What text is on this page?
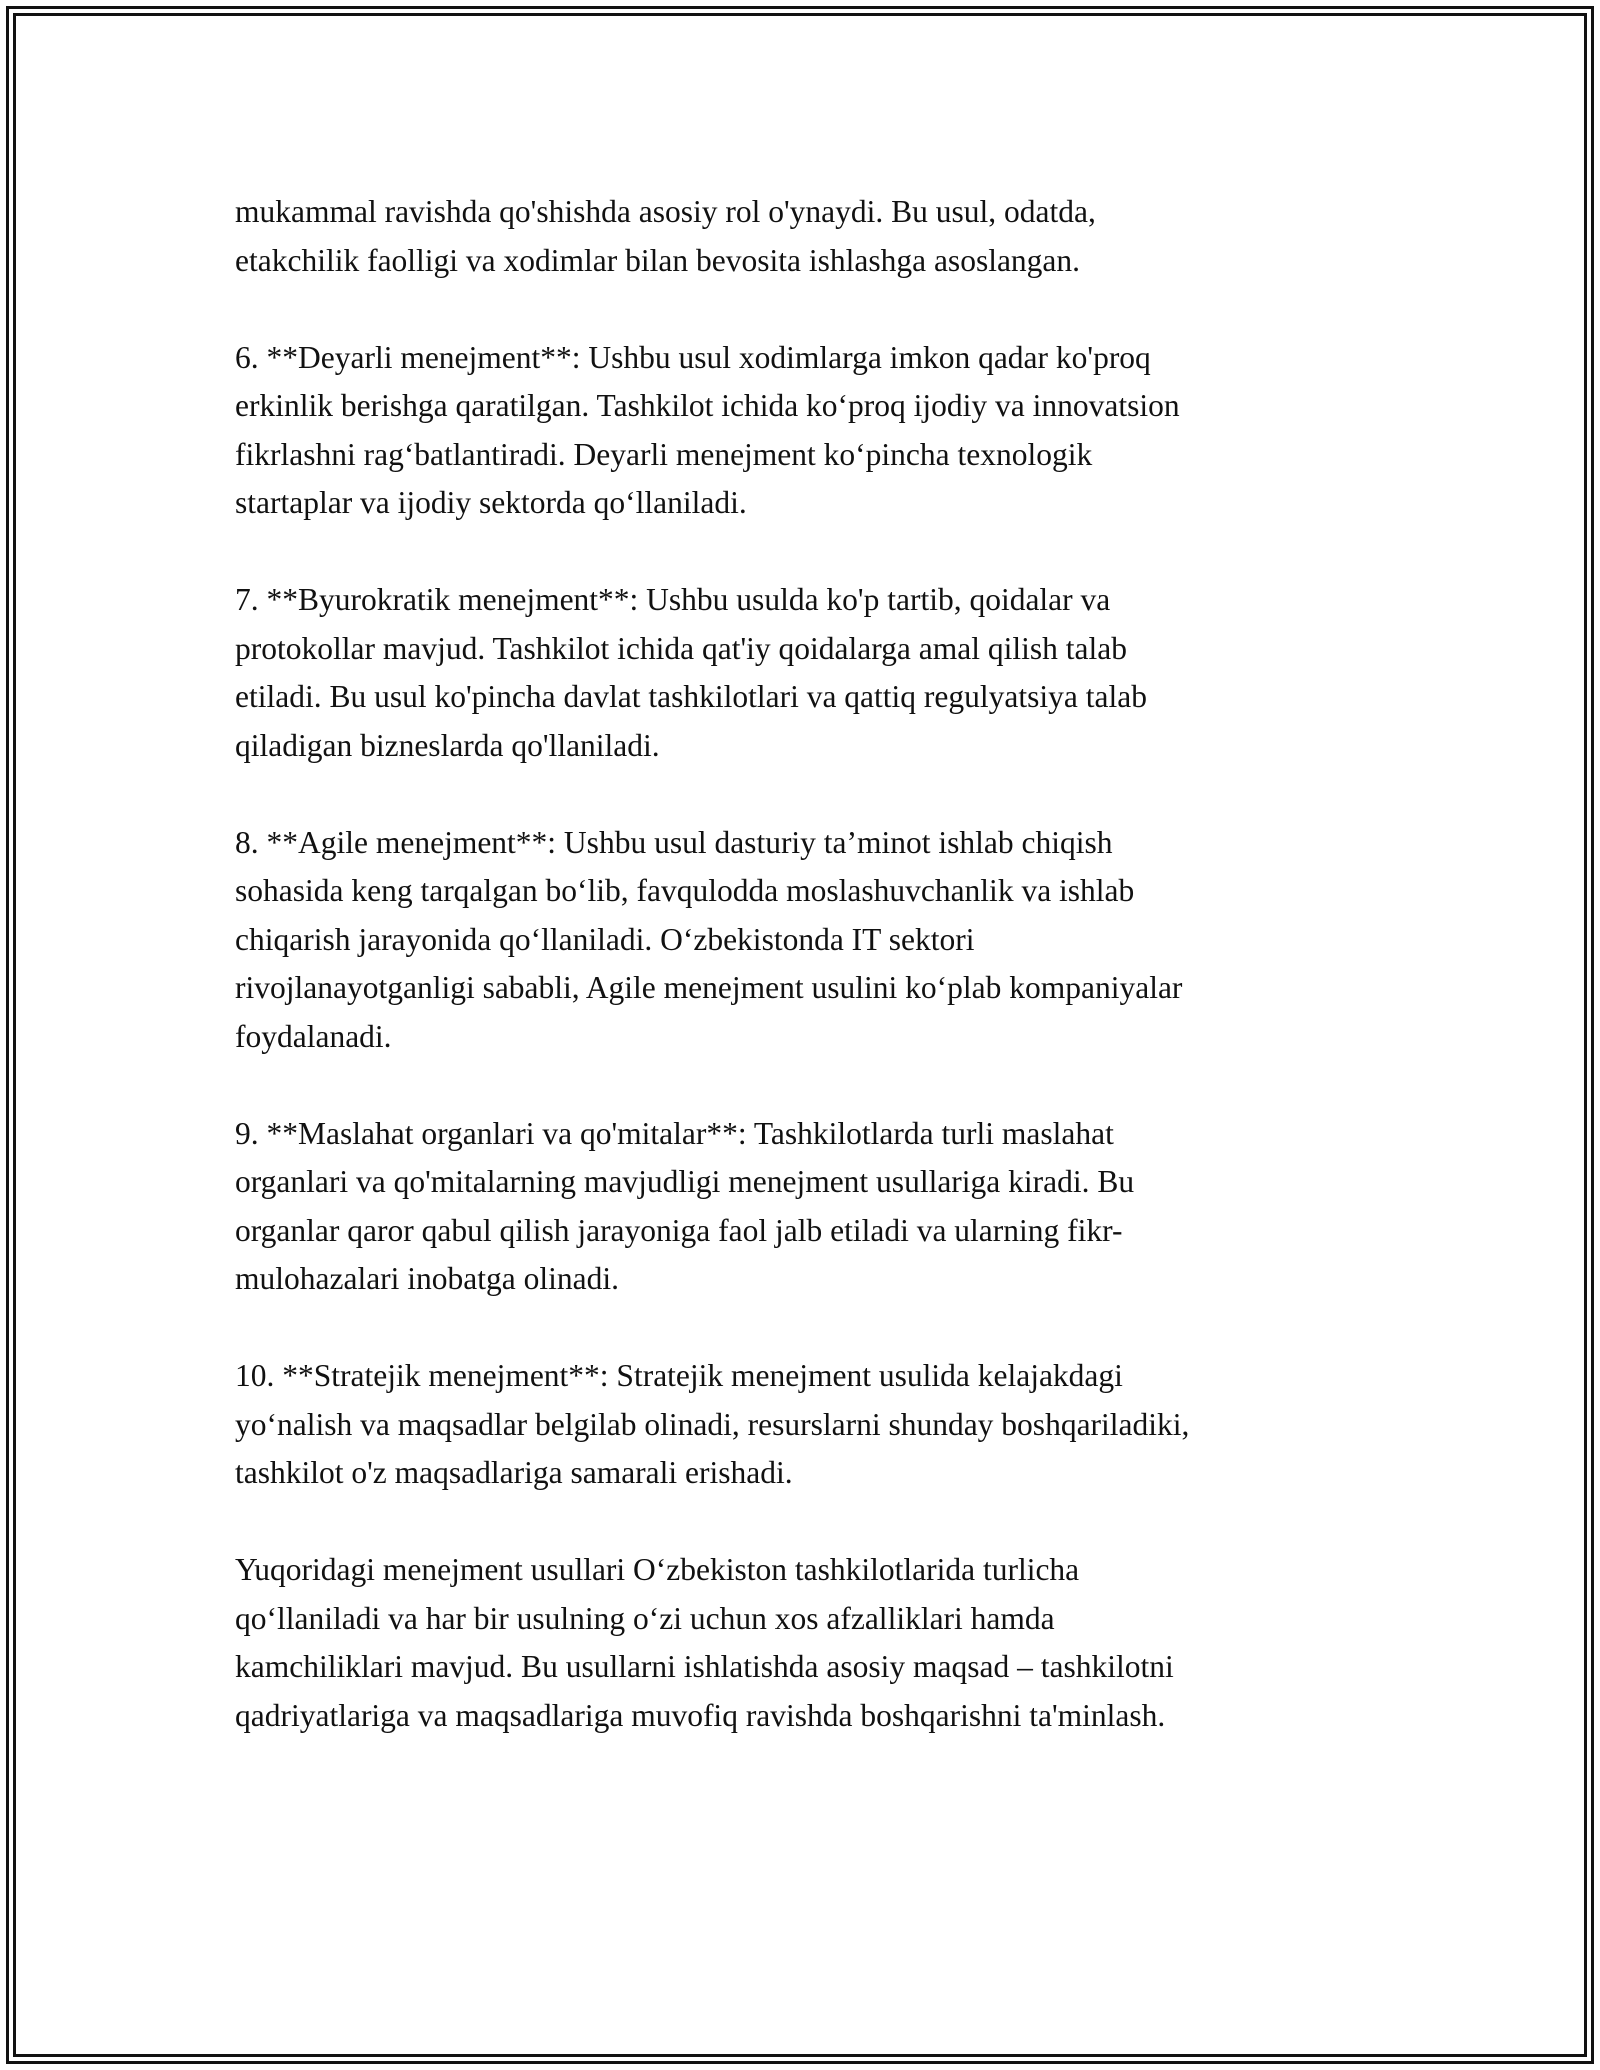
mukammal ravishda qo'shishda asosiy rol o'ynaydi. Bu usul, odatda,
etakchilik faolligi va xodimlar bilan bevosita ishlashga asoslangan.

6. **Deyarli menejment**: Ushbu usul xodimlarga imkon qadar ko'proq
erkinlik berishga qaratilgan. Tashkilot ichida ko‘proq ijodiy va innovatsion
fikrlashni rag‘batlantiradi. Deyarli menejment ko‘pincha texnologik
startaplar va ijodiy sektorda qo‘llaniladi.

7. **Byurokratik menejment**: Ushbu usulda ko'p tartib, qoidalar va
protokollar mavjud. Tashkilot ichida qat'iy qoidalarga amal qilish talab
etiladi. Bu usul ko'pincha davlat tashkilotlari va qattiq regulyatsiya talab
qiladigan bizneslarda qo'llaniladi.

8. **Agile menejment**: Ushbu usul dasturiy ta’minot ishlab chiqish
sohasida keng tarqalgan bo‘lib, favqulodda moslashuvchanlik va ishlab
chiqarish jarayonida qo‘llaniladi. O‘zbekistonda IT sektori
rivojlanayotganligi sababli, Agile menejment usulini ko‘plab kompaniyalar
foydalanadi.

9. **Maslahat organlari va qo'mitalar**: Tashkilotlarda turli maslahat
organlari va qo'mitalarning mavjudligi menejment usullariga kiradi. Bu
organlar qaror qabul qilish jarayoniga faol jalb etiladi va ularning fikr-
mulohazalari inobatga olinadi.

10. **Stratejik menejment**: Stratejik menejment usulida kelajakdagi
yo‘nalish va maqsadlar belgilab olinadi, resurslarni shunday boshqariladiki,
tashkilot o'z maqsadlariga samarali erishadi.

Yuqoridagi menejment usullari O‘zbekiston tashkilotlarida turlicha
qo‘llaniladi va har bir usulning o‘zi uchun xos afzalliklari hamda
kamchiliklari mavjud. Bu usullarni ishlatishda asosiy maqsad – tashkilotni
qadriyatlariga va maqsadlariga muvofiq ravishda boshqarishni ta'minlash.
